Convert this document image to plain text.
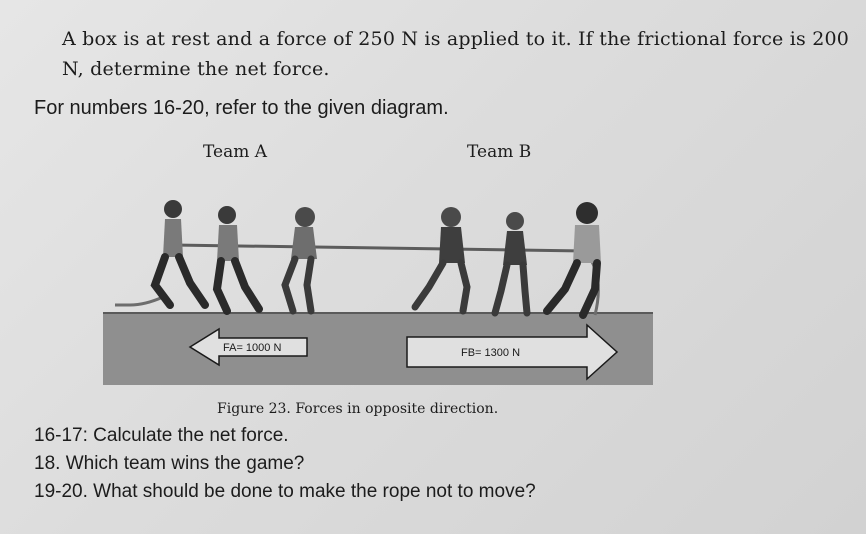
A box is at rest and a force of 250 N is applied to it. If the frictional force is 200 N, determine the net force.
For numbers 16-20, refer to the given diagram.
Team A	Team B
FA= 1000 N	FB= 1300 N
Figure 23. Forces in opposite direction.
16-17: Calculate the net force.
18. Which team wins the game?
19-20. What should be done to make the rope not to move?
